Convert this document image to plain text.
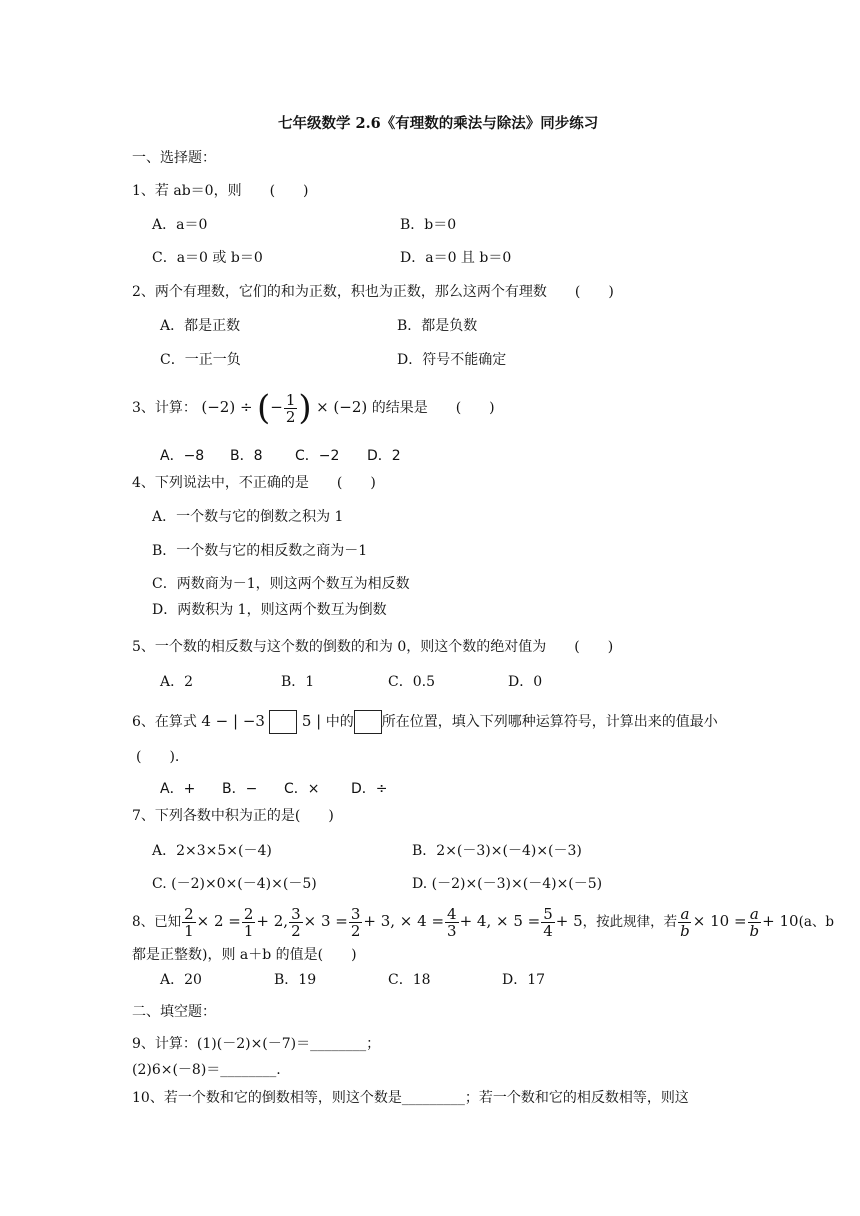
七年级数学 2.6《有理数的乘法与除法》同步练习
一、选择题：
1、若 ab＝0，则　　(　　)
A．a＝0	B．b＝0
C．a＝0 或 b＝0	D．a＝0 且 b＝0
2、两个有理数，它们的和为正数，积也为正数，那么这两个有理数　　(　　)
A．都是正数	B．都是负数
C．一正一负	D．符号不能确定
3、计算： (−2) ÷ (− $\frac{1}{2}$ ) × (−2) 的结果是　　(　　)
A．−8 B．8 C．−2 D．2
4、下列说法中，不正确的是　　(　　)
A．一个数与它的倒数之积为 1
B．一个数与它的相反数之商为－1
C．两数商为－1，则这两个数互为相反数
D．两数积为 1，则这两个数互为倒数
5、一个数的相反数与这个数的倒数的和为 0，则这个数的绝对值为　　(　　)
A．2	B．1	C．0.5	D．0
6、在算式 4 − | −3 5 | 中的 所在位置，填入下列哪种运算符号，计算出来的值最小
(　　).
A．+ B．− C．× D．÷
7、下列各数中积为正的是(　　)
A．2×3×5×(－4)	B．2×(－3)×(－4)×(－3)
C. (－2)×0×(－4)×(－5)	D. (－2)×(－3)×(－4)×(－5)
8、已知 $\frac{2}{1} \times 2 = \frac{2}{1} + 2$, $\frac{3}{2} \times 3 = \frac{3}{2} + 3$, × $4 = \frac{4}{3} + 4$, × $5 = \frac{5}{4} + 5$，按此规律，若 $\frac{a}{b} \times 10 = \frac{a}{b} + 10(a$、b
都是正整数)，则 a＋b 的值是(　　)
A．20	B．19	C．18	D．17
二、填空题：
9、计算：(1)(－2)×(－7)＝________；
(2)6×(－8)＝________.
10、若一个数和它的倒数相等，则这个数是_________；若一个数和它的相反数相等，则这
